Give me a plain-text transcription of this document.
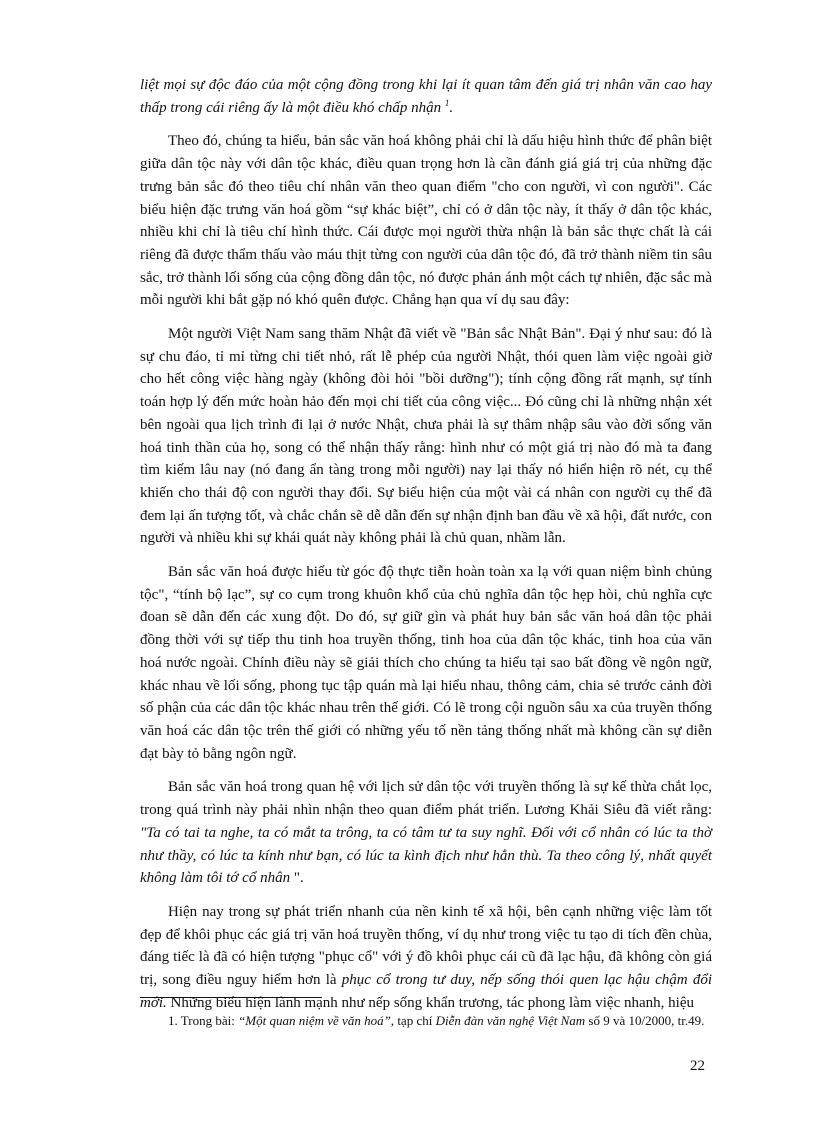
liệt mọi sự độc đáo của một cộng đồng trong khi lại ít quan tâm đến giá trị nhân văn cao hay thấp trong cái riêng ấy là một điều khó chấp nhận $^1$.

Theo đó, chúng ta hiểu, bản sắc văn hoá không phải chỉ là dấu hiệu hình thức để phân biệt giữa dân tộc này với dân tộc khác, điều quan trọng hơn là cần đánh giá giá trị của những đặc trưng bản sắc đó theo tiêu chí nhân văn theo quan điểm "cho con người, vì con người". Các biểu hiện đặc trưng văn hoá gồm “sự khác biệt”, chỉ có ở dân tộc này, ít thấy ở dân tộc khác, nhiều khi chỉ là tiêu chí hình thức. Cái được mọi người thừa nhận là bản sắc thực chất là cái riêng đã được thẩm thấu vào máu thịt từng con người của dân tộc đó, đã trở thành niềm tin sâu sắc, trở thành lối sống của cộng đồng dân tộc, nó được phản ánh một cách tự nhiên, đặc sắc mà mỗi người khi bắt gặp nó khó quên được. Chẳng hạn qua ví dụ sau đây:

Một người Việt Nam sang thăm Nhật đã viết về "Bản sắc Nhật Bản". Đại ý như sau: đó là sự chu đáo, tỉ mỉ từng chi tiết nhỏ, rất lễ phép của người Nhật, thói quen làm việc ngoài giờ cho hết công việc hàng ngày (không đòi hỏi "bồi dưỡng"); tính cộng đồng rất mạnh, sự tính toán hợp lý đến mức hoàn hảo đến mọi chi tiết của công việc... Đó cũng chỉ là những nhận xét bên ngoài qua lịch trình đi lại ở nước Nhật, chưa phải là sự thâm nhập sâu vào đời sống văn hoá tinh thần của họ, song có thể nhận thấy rằng: hình như có một giá trị nào đó mà ta đang tìm kiếm lâu nay (nó đang ẩn tàng trong mỗi người) nay lại thấy nó hiển hiện rõ nét, cụ thể khiến cho thái độ con người thay đổi. Sự biểu hiện của một vài cá nhân con người cụ thể đã đem lại ấn tượng tốt, và chắc chắn sẽ dễ dẫn đến sự nhận định ban đầu về xã hội, đất nước, con người và nhiều khi sự khái quát này không phải là chủ quan, nhầm lẫn.

Bản sắc văn hoá được hiểu từ góc độ thực tiễn hoàn toàn xa lạ với quan niệm bình chủng tộc", “tính bộ lạc”, sự co cụm trong khuôn khổ của chủ nghĩa dân tộc hẹp hòi, chủ nghĩa cực đoan sẽ dẫn đến các xung đột. Do đó, sự giữ gìn và phát huy bản sắc văn hoá dân tộc phải đồng thời với sự tiếp thu tinh hoa truyền thống, tinh hoa của dân tộc khác, tinh hoa của văn hoá nước ngoài. Chính điều này sẽ giải thích cho chúng ta hiểu tại sao bất đồng về ngôn ngữ, khác nhau về lối sống, phong tục tập quán mà lại hiểu nhau, thông cảm, chia sẻ trước cảnh đời số phận của các dân tộc khác nhau trên thế giới. Có lẽ trong cội nguồn sâu xa của truyền thống văn hoá các dân tộc trên thế giới có những yếu tố nền tảng thống nhất mà không cần sự diễn đạt bày tỏ bằng ngôn ngữ.

Bản sắc văn hoá trong quan hệ với lịch sử dân tộc với truyền thống là sự kế thừa chắt lọc, trong quá trình này phải nhìn nhận theo quan điểm phát triển. Lương Khải Siêu đã viết rằng: "Ta có tai ta nghe, ta có mắt ta trông, ta có tâm tư ta suy nghĩ. Đối với cổ nhân có lúc ta thờ như thầy, có lúc ta kính như bạn, có lúc ta kình địch như hẳn thù. Ta theo công lý, nhất quyết không làm tôi tớ cổ nhân ".

Hiện nay trong sự phát triển nhanh của nền kinh tế xã hội, bên cạnh những việc làm tốt đẹp để khôi phục các giá trị văn hoá truyền thống, ví dụ như trong việc tu tạo di tích đền chùa, đáng tiếc là đã có hiện tượng "phục cổ" với ý đồ khôi phục cái cũ đã lạc hậu, đã không còn giá trị, song điều nguy hiểm hơn là phục cổ trong tư duy, nếp sống thói quen lạc hậu chậm đổi mới. Những biểu hiện lành mạnh như nếp sống khẩn trương, tác phong làm việc nhanh, hiệu

1. Trong bài: “Một quan niệm về văn hoá”, tạp chí Diễn đàn văn nghệ Việt Nam số 9 và 10/2000, tr.49.
22
